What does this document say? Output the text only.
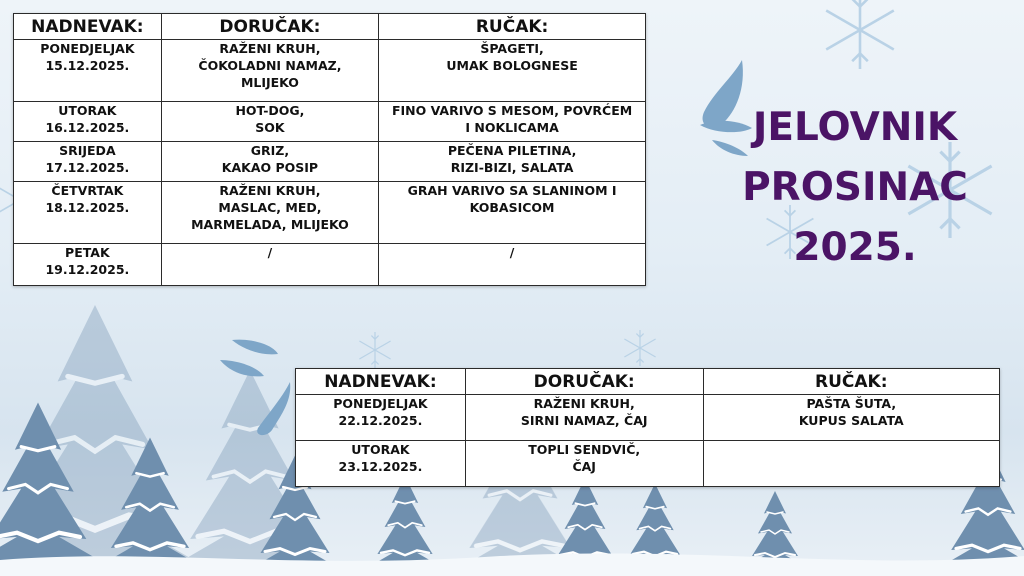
NADNEVAK:	DORUČAK:	RUČAK:

PONEDJELJAK
15.12.2025.	RAŽENI KRUH,
ČOKOLADNI NAMAZ,
MLIJEKO	ŠPAGETI,
UMAK BOLOGNESE

UTORAK
16.12.2025.	HOT-DOG,
SOK	FINO VARIVO S MESOM, POVRĆEM
I NOKLICAMA

SRIJEDA
17.12.2025.	GRIZ,
KAKAO POSIP	PEČENA PILETINA,
RIZI-BIZI, SALATA

ČETVRTAK
18.12.2025.	RAŽENI KRUH,
MASLAC, MED,
MARMELADA, MLIJEKO	GRAH VARIVO SA SLANINOM I
KOBASICOM

PETAK
19.12.2025.	/	/
NADNEVAK:	DORUČAK:	RUČAK:

PONEDJELJAK
22.12.2025.	RAŽENI KRUH,
SIRNI NAMAZ, ČAJ	PAŠTA ŠUTA,
KUPUS SALATA

UTORAK
23.12.2025.	TOPLI SENDVIČ,
ČAJ	

JELOVNIK
PROSINAC
2025.
